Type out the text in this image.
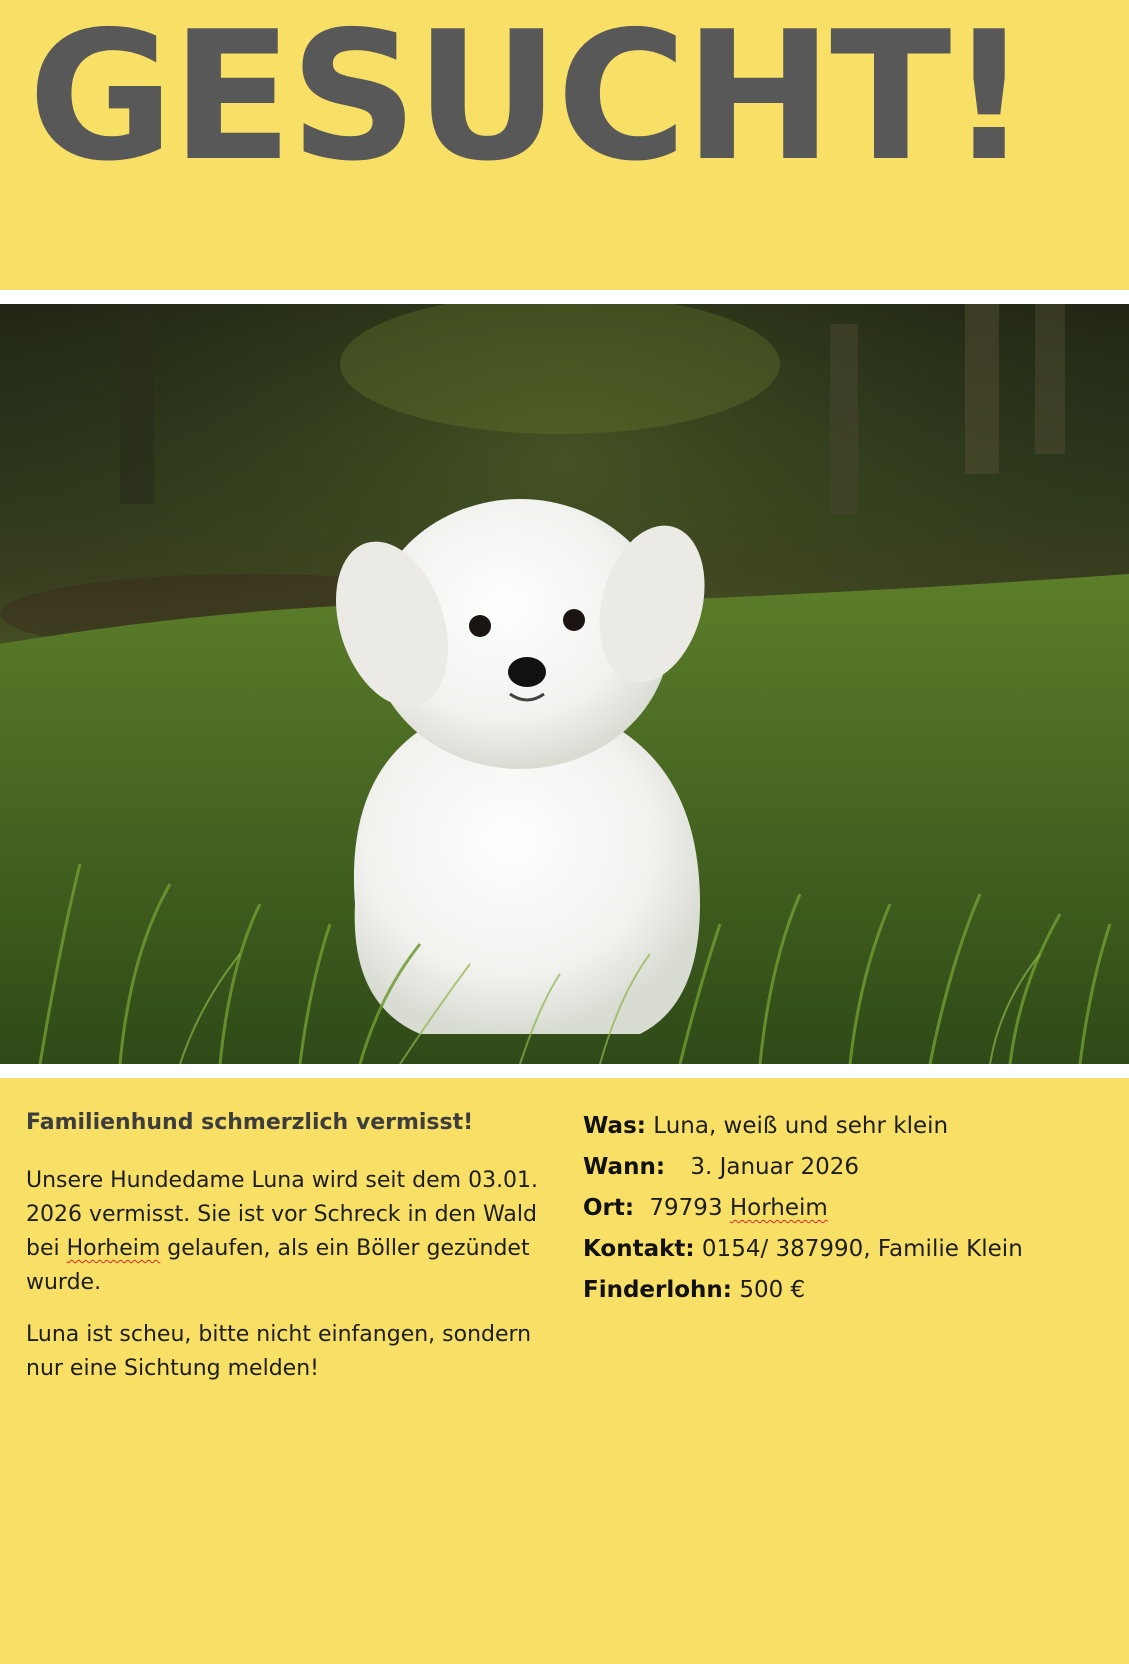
GESUCHT!
Familienhund schmerzlich vermisst!

Unsere Hundedame Luna wird seit dem 03.01. 2026 vermisst. Sie ist vor Schreck in den Wald bei Horheim gelaufen, als ein Böller gezündet wurde.

Luna ist scheu, bitte nicht einfangen, sondern nur eine Sichtung melden!

Was: Luna, weiß und sehr klein
Wann: 3. Januar 2026
Ort: 79793 Horheim
Kontakt: 0154/ 387990, Familie Klein
Finderlohn: 500 €
